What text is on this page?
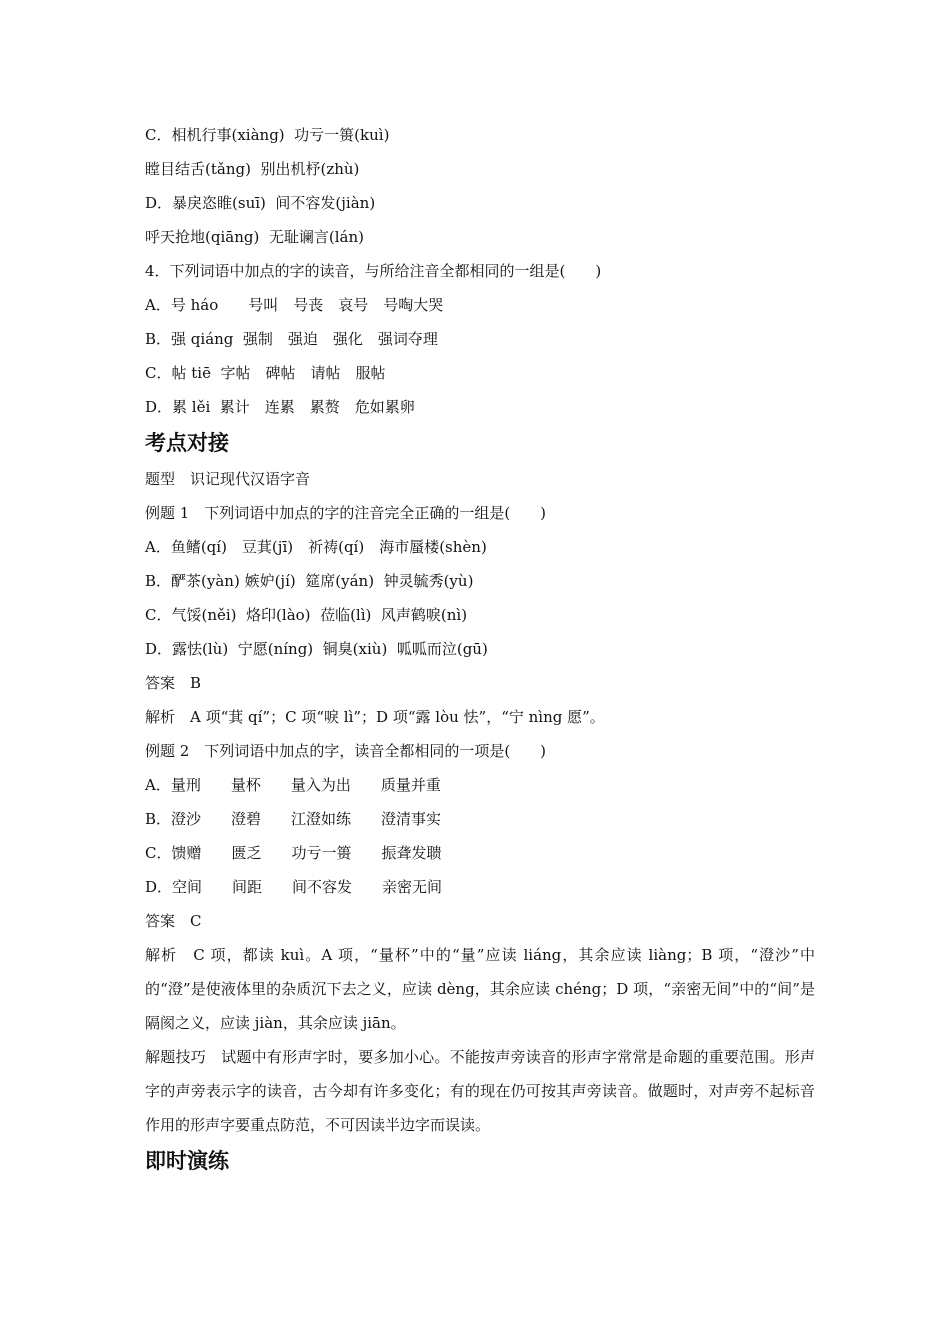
C．相机行事(xiàng)  功亏一篑(kuì)
瞠目结舌(tǎng)  别出机杼(zhù)
D．暴戾恣睢(suī)  间不容发(jiàn)
呼天抢地(qiāng)  无耻谰言(lán)
4．下列词语中加点的字的读音，与所给注音全都相同的一组是(　　)
A．号 háo　　号叫　号丧　哀号　号啕大哭
B．强 qiáng  强制　强迫　强化　强词夺理
C．帖 tiē  字帖　碑帖　请帖　服帖
D．累 lěi  累计　连累　累赘　危如累卵
考点对接
题型　识记现代汉语字音
例题 1　下列词语中加点的字的注音完全正确的一组是(　　)
A．鱼鳍(qí)　豆萁(jī)　祈祷(qí)　海市蜃楼(shèn)
B．酽茶(yàn) 嫉妒(jí)  筵席(yán)  钟灵毓秀(yù)
C．气馁(něi)  烙印(lào)  莅临(lì)  风声鹤唳(nì)
D．露怯(lù)  宁愿(níng)  铜臭(xiù)  呱呱而泣(gū)
答案　B
解析　A 项“萁 qí”；C 项“唳 lì”；D 项“露 lòu 怯”，“宁 nìng 愿”。
例题 2　下列词语中加点的字，读音全都相同的一项是(　　)
A．量刑　　量杯　　量入为出　　质量并重
B．澄沙　　澄碧　　江澄如练　　澄清事实
C．馈赠　　匮乏　　功亏一篑　　振聋发聩
D．空间　　间距　　间不容发　　亲密无间
答案　C
解析　C 项，都读 kuì。A 项，“量杯”中的“量”应读 liáng，其余应读 liàng；B 项，“澄沙”中的“澄”是使液体里的杂质沉下去之义，应读 dèng，其余应读 chéng；D 项，“亲密无间”中的“间”是隔阂之义，应读 jiàn，其余应读 jiān。
解题技巧　试题中有形声字时，要多加小心。不能按声旁读音的形声字常常是命题的重要范围。形声字的声旁表示字的读音，古今却有许多变化；有的现在仍可按其声旁读音。做题时，对声旁不起标音作用的形声字要重点防范，不可因读半边字而误读。
即时演练
